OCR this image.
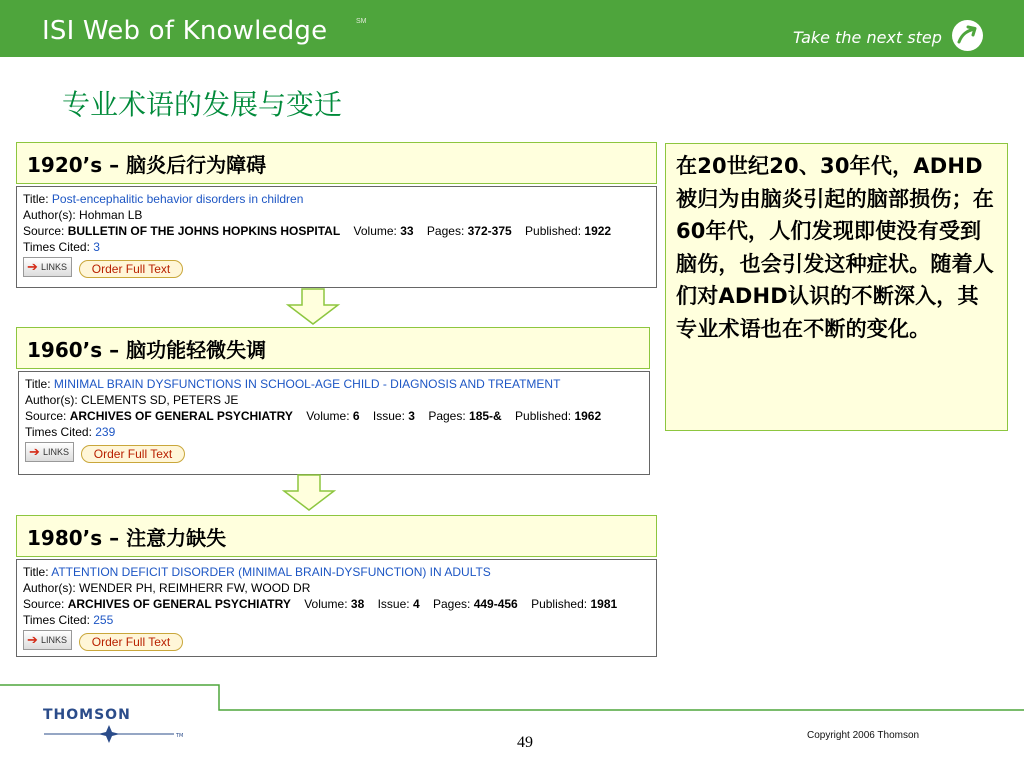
ISI Web of Knowledge	SM
Take the next step
专业术语的发展与变迁
1920’s – 脑炎后行为障碍
Title: Post-encephalitic behavior disorders in children
Author(s): Hohman LB
Source: BULLETIN OF THE JOHNS HOPKINS HOSPITAL Volume: 33 Pages: 372-375 Published: 1922
Times Cited: 3
➔ LINKS	Order Full Text
1960’s – 脑功能轻微失调
Title: MINIMAL BRAIN DYSFUNCTIONS IN SCHOOL-AGE CHILD - DIAGNOSIS AND TREATMENT
Author(s): CLEMENTS SD, PETERS JE
Source: ARCHIVES OF GENERAL PSYCHIATRY Volume: 6 Issue: 3 Pages: 185-& Published: 1962
Times Cited: 239
➔ LINKS	Order Full Text
1980’s – 注意力缺失
Title: ATTENTION DEFICIT DISORDER (MINIMAL BRAIN-DYSFUNCTION) IN ADULTS
Author(s): WENDER PH, REIMHERR FW, WOOD DR
Source: ARCHIVES OF GENERAL PSYCHIATRY Volume: 38 Issue: 4 Pages: 449-456 Published: 1981
Times Cited: 255
➔ LINKS	Order Full Text
在20世纪20、30年代，ADHD被归为由脑炎引起的脑部损伤；在60年代，人们发现即使没有受到脑伤，也会引发这种症状。随着人们对ADHD认识的不断深入，其专业术语也在不断的变化。
THOMSON
TM	49	Copyright 2006 Thomson
